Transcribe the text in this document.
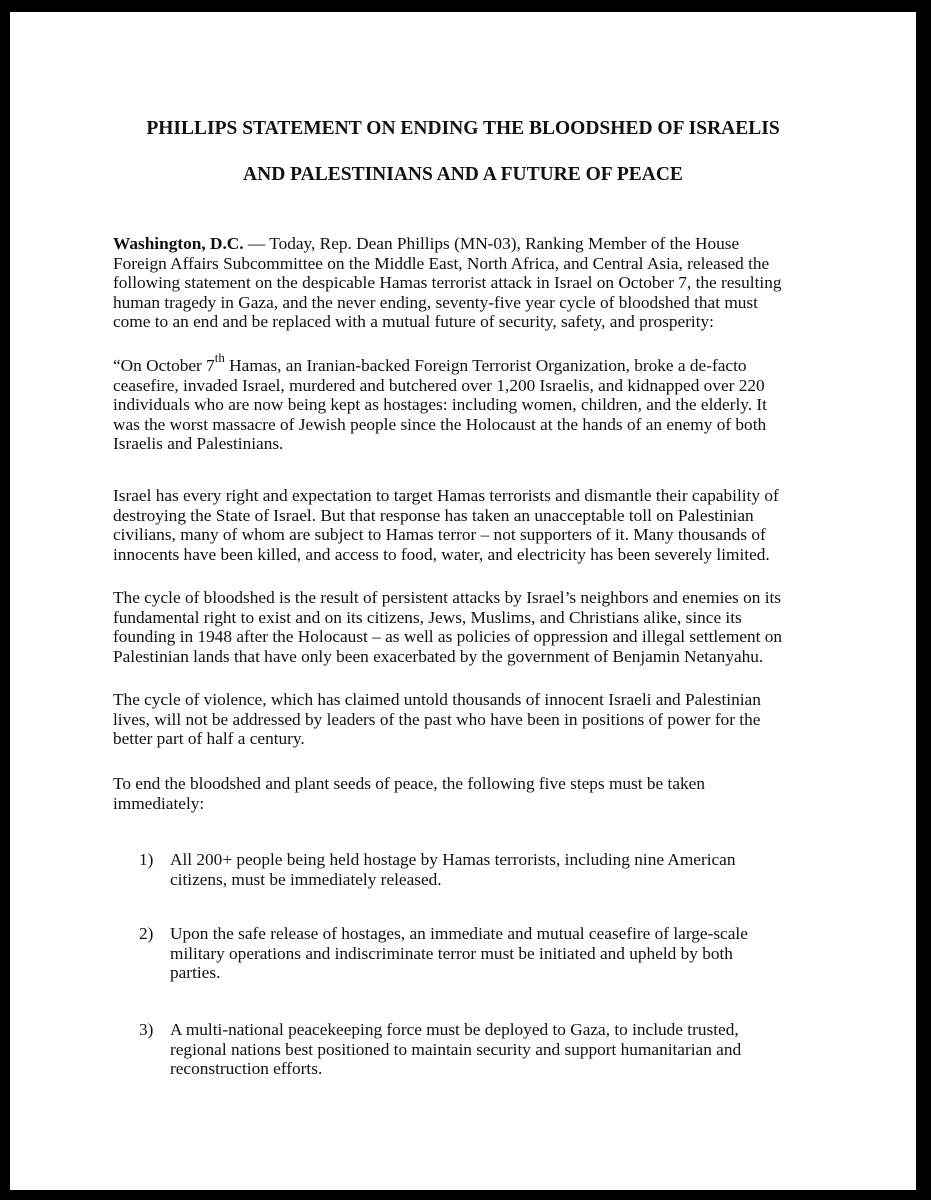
PHILLIPS STATEMENT ON ENDING THE BLOODSHED OF ISRAELIS
AND PALESTINIANS AND A FUTURE OF PEACE

Washington, D.C. — Today, Rep. Dean Phillips (MN-03), Ranking Member of the House
Foreign Affairs Subcommittee on the Middle East, North Africa, and Central Asia, released the
following statement on the despicable Hamas terrorist attack in Israel on October 7, the resulting
human tragedy in Gaza, and the never ending, seventy-five year cycle of bloodshed that must
come to an end and be replaced with a mutual future of security, safety, and prosperity:

“On October 7th Hamas, an Iranian-backed Foreign Terrorist Organization, broke a de-facto
ceasefire, invaded Israel, murdered and butchered over 1,200 Israelis, and kidnapped over 220
individuals who are now being kept as hostages: including women, children, and the elderly. It
was the worst massacre of Jewish people since the Holocaust at the hands of an enemy of both
Israelis and Palestinians.

Israel has every right and expectation to target Hamas terrorists and dismantle their capability of
destroying the State of Israel. But that response has taken an unacceptable toll on Palestinian
civilians, many of whom are subject to Hamas terror – not supporters of it. Many thousands of
innocents have been killed, and access to food, water, and electricity has been severely limited.

The cycle of bloodshed is the result of persistent attacks by Israel’s neighbors and enemies on its
fundamental right to exist and on its citizens, Jews, Muslims, and Christians alike, since its
founding in 1948 after the Holocaust – as well as policies of oppression and illegal settlement on
Palestinian lands that have only been exacerbated by the government of Benjamin Netanyahu.

The cycle of violence, which has claimed untold thousands of innocent Israeli and Palestinian
lives, will not be addressed by leaders of the past who have been in positions of power for the
better part of half a century.

To end the bloodshed and plant seeds of peace, the following five steps must be taken
immediately:

1) All 200+ people being held hostage by Hamas terrorists, including nine American
citizens, must be immediately released.
2) Upon the safe release of hostages, an immediate and mutual ceasefire of large-scale
military operations and indiscriminate terror must be initiated and upheld by both
parties.
3) A multi-national peacekeeping force must be deployed to Gaza, to include trusted,
regional nations best positioned to maintain security and support humanitarian and
reconstruction efforts.
